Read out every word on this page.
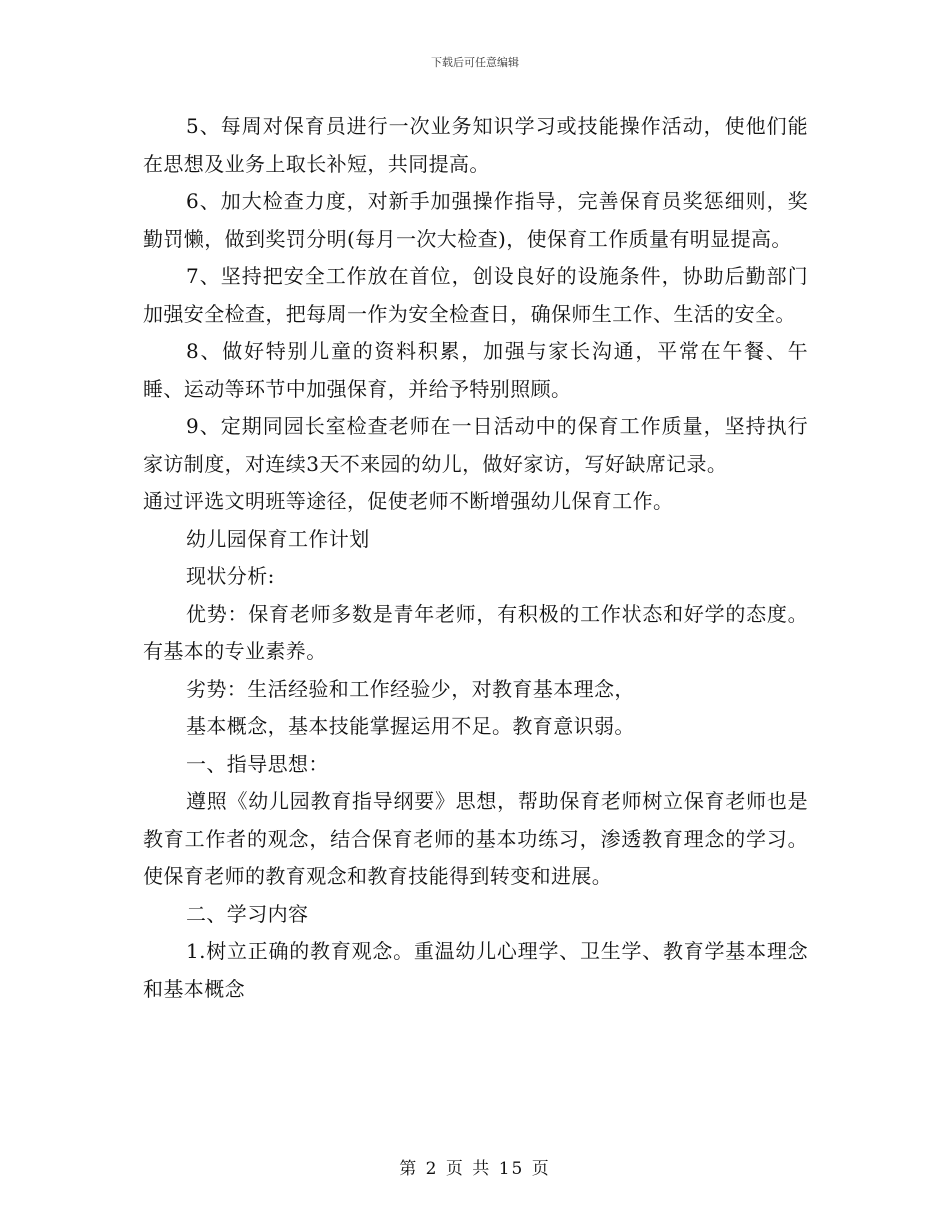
下载后可任意编辑

5、每周对保育员进行一次业务知识学习或技能操作活动，使他们能在思想及业务上取长补短，共同提高。

6、加大检查力度，对新手加强操作指导，完善保育员奖惩细则，奖勤罚懒，做到奖罚分明(每月一次大检查)，使保育工作质量有明显提高。

7、坚持把安全工作放在首位，创设良好的设施条件，协助后勤部门加强安全检查，把每周一作为安全检查日，确保师生工作、生活的安全。

8、做好特别儿童的资料积累，加强与家长沟通，平常在午餐、午睡、运动等环节中加强保育，并给予特别照顾。

9、定期同园长室检查老师在一日活动中的保育工作质量，坚持执行家访制度，对连续3天不来园的幼儿，做好家访，写好缺席记录。

通过评选文明班等途径，促使老师不断增强幼儿保育工作。

幼儿园保育工作计划

现状分析:

优势：保育老师多数是青年老师，有积极的工作状态和好学的态度。有基本的专业素养。

劣势：生活经验和工作经验少，对教育基本理念，

基本概念，基本技能掌握运用不足。教育意识弱。

一、指导思想：

遵照《幼儿园教育指导纲要》思想，帮助保育老师树立保育老师也是教育工作者的观念，结合保育老师的基本功练习，渗透教育理念的学习。使保育老师的教育观念和教育技能得到转变和进展。

二、学习内容

1.树立正确的教育观念。重温幼儿心理学、卫生学、教育学基本理念和基本概念

第 2 页 共 15 页
